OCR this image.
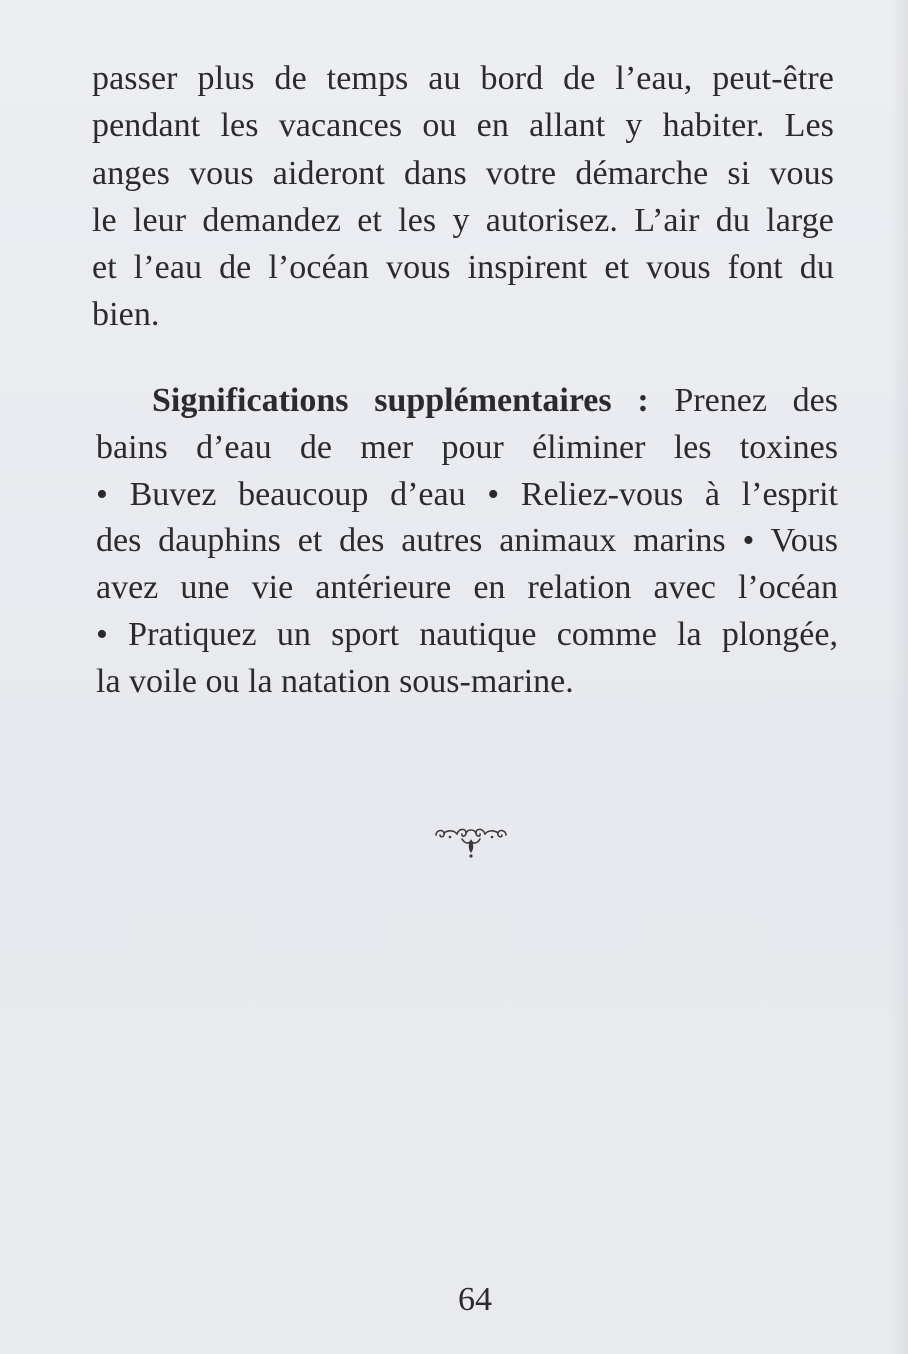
passer plus de temps au bord de l’eau, peut-être
pendant les vacances ou en allant y habiter. Les
anges vous aideront dans votre démarche si vous
le leur demandez et les y autorisez. L’air du large
et l’eau de l’océan vous inspirent et vous font du
bien.

Significations supplémentaires : Prenez des
bains d’eau de mer pour éliminer les toxines
• Buvez beaucoup d’eau • Reliez-vous à l’esprit
des dauphins et des autres animaux marins • Vous
avez une vie antérieure en relation avec l’océan
• Pratiquez un sport nautique comme la plongée,
la voile ou la natation sous-marine.

64
